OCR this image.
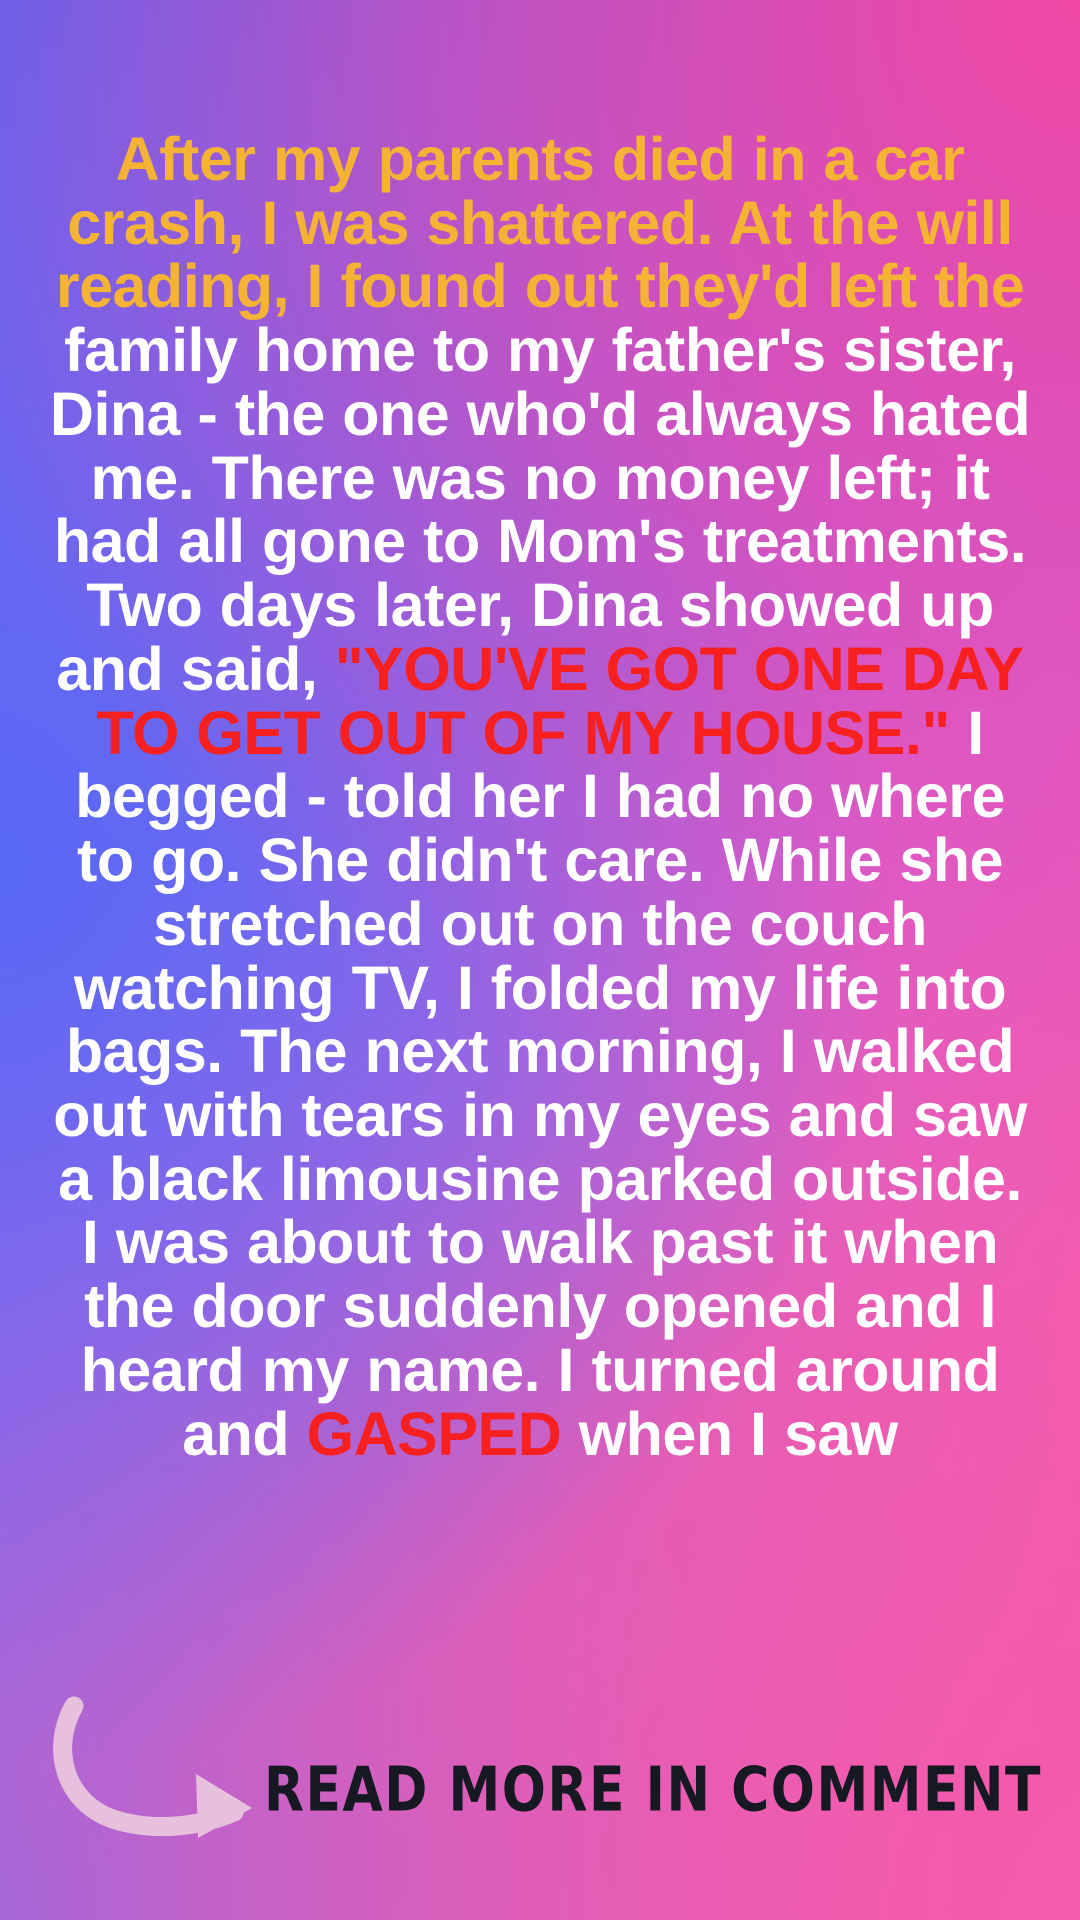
After my parents died in a car crash, I was shattered. At the will reading, I found out they'd left the family home to my father's sister, Dina - the one who'd always hated me. There was no money left; it had all gone to Mom's treatments. Two days later, Dina showed up and said, "YOU'VE GOT ONE DAY TO GET OUT OF MY HOUSE." I begged - told her I had no where to go. She didn't care. While she stretched out on the couch watching TV, I folded my life into bags. The next morning, I walked out with tears in my eyes and saw a black limousine parked outside. I was about to walk past it when the door suddenly opened and I heard my name. I turned around and GASPED when I saw
READ MORE IN COMMENT
